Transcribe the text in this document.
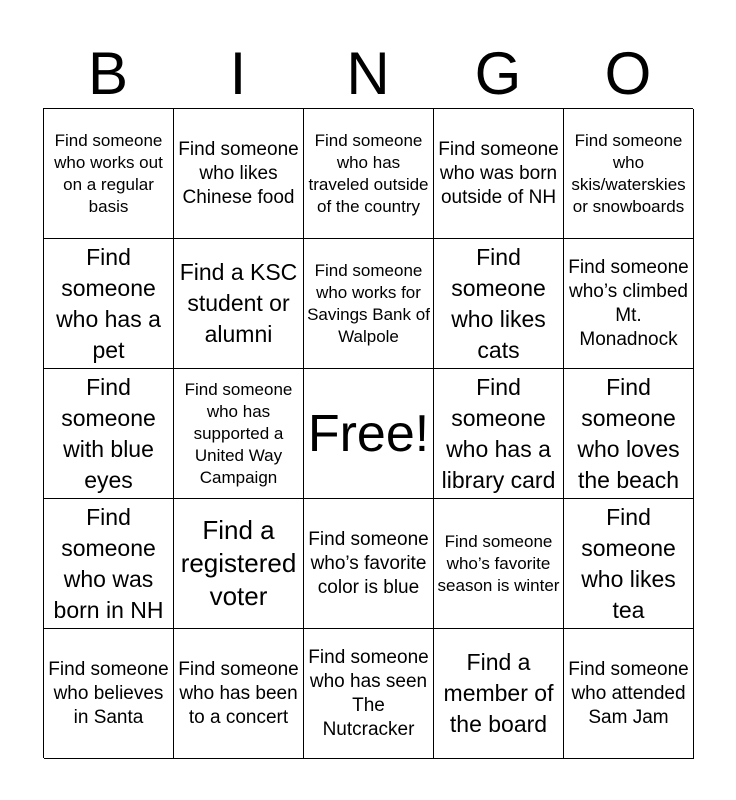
B	I	N	G	O
Find someone who works out on a regular basis
Find someone who likes Chinese food
Find someone who has traveled outside of the country
Find someone who was born outside of NH
Find someone who skis/waterskies or snowboards
Find someone who has a pet
Find a KSC student or alumni
Find someone who works for Savings Bank of Walpole
Find someone who likes cats
Find someone who’s climbed Mt. Monadnock
Find someone with blue eyes
Find someone who has supported a United Way Campaign
Free!
Find someone who has a library card
Find someone who loves the beach
Find someone who was born in NH
Find a registered voter
Find someone who’s favorite color is blue
Find someone who’s favorite season is winter
Find someone who likes tea
Find someone who believes in Santa
Find someone who has been to a concert
Find someone who has seen The Nutcracker
Find a member of the board
Find someone who attended Sam Jam
